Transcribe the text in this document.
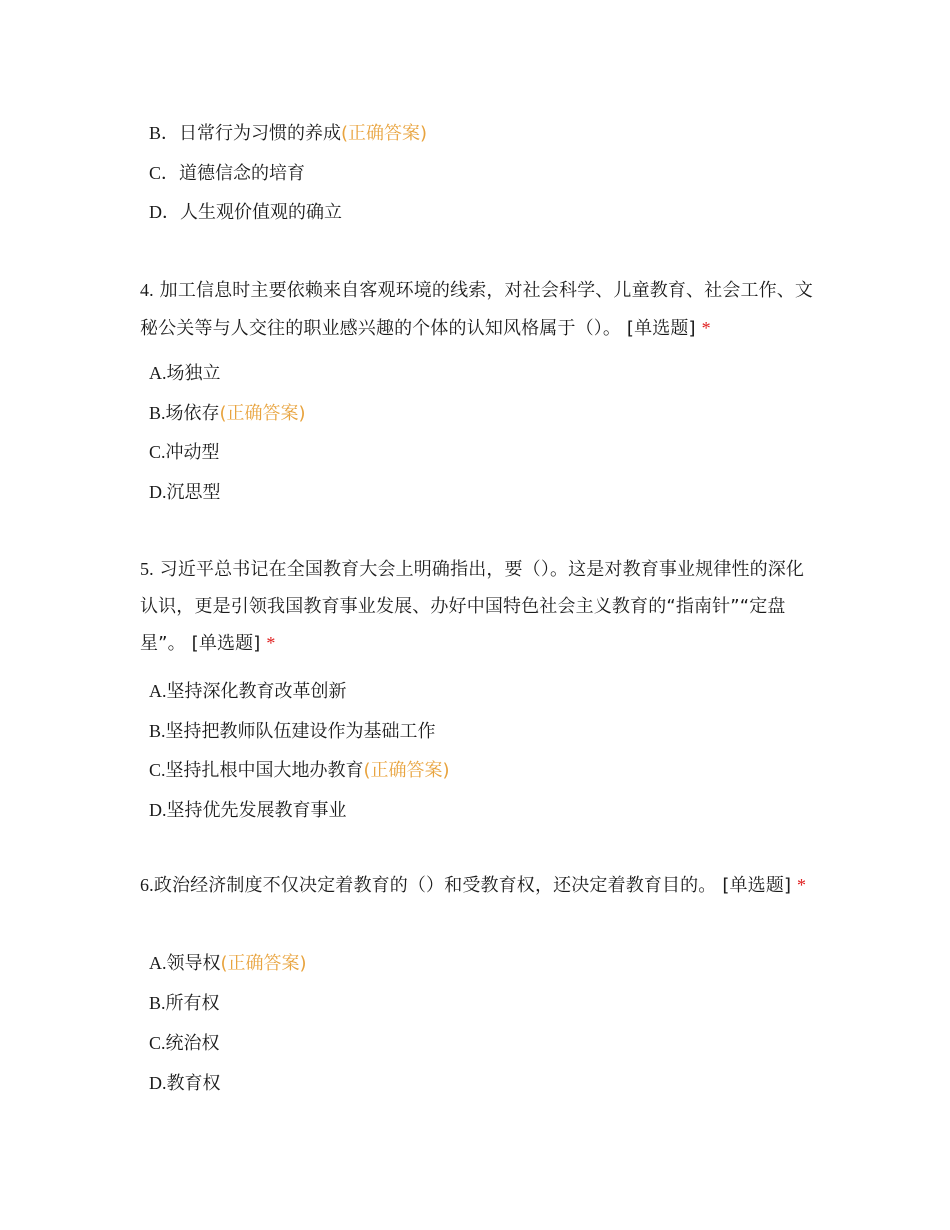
B．日常行为习惯的养成(正确答案)
C．道德信念的培育
D．人生观价值观的确立
4. 加工信息时主要依赖来自客观环境的线索，对社会科学、儿童教育、社会工作、文秘公关等与人交往的职业感兴趣的个体的认知风格属于（）。 [单选题] *
A.场独立
B.场依存(正确答案)
C.冲动型
D.沉思型
5. 习近平总书记在全国教育大会上明确指出，要（）。这是对教育事业规律性的深化认识，更是引领我国教育事业发展、办好中国特色社会主义教育的“指南针”“定盘星”。 [单选题] *
A.坚持深化教育改革创新
B.坚持把教师队伍建设作为基础工作
C.坚持扎根中国大地办教育(正确答案)
D.坚持优先发展教育事业
6.政治经济制度不仅决定着教育的（）和受教育权，还决定着教育目的。 [单选题] *
A.领导权(正确答案)
B.所有权
C.统治权
D.教育权
